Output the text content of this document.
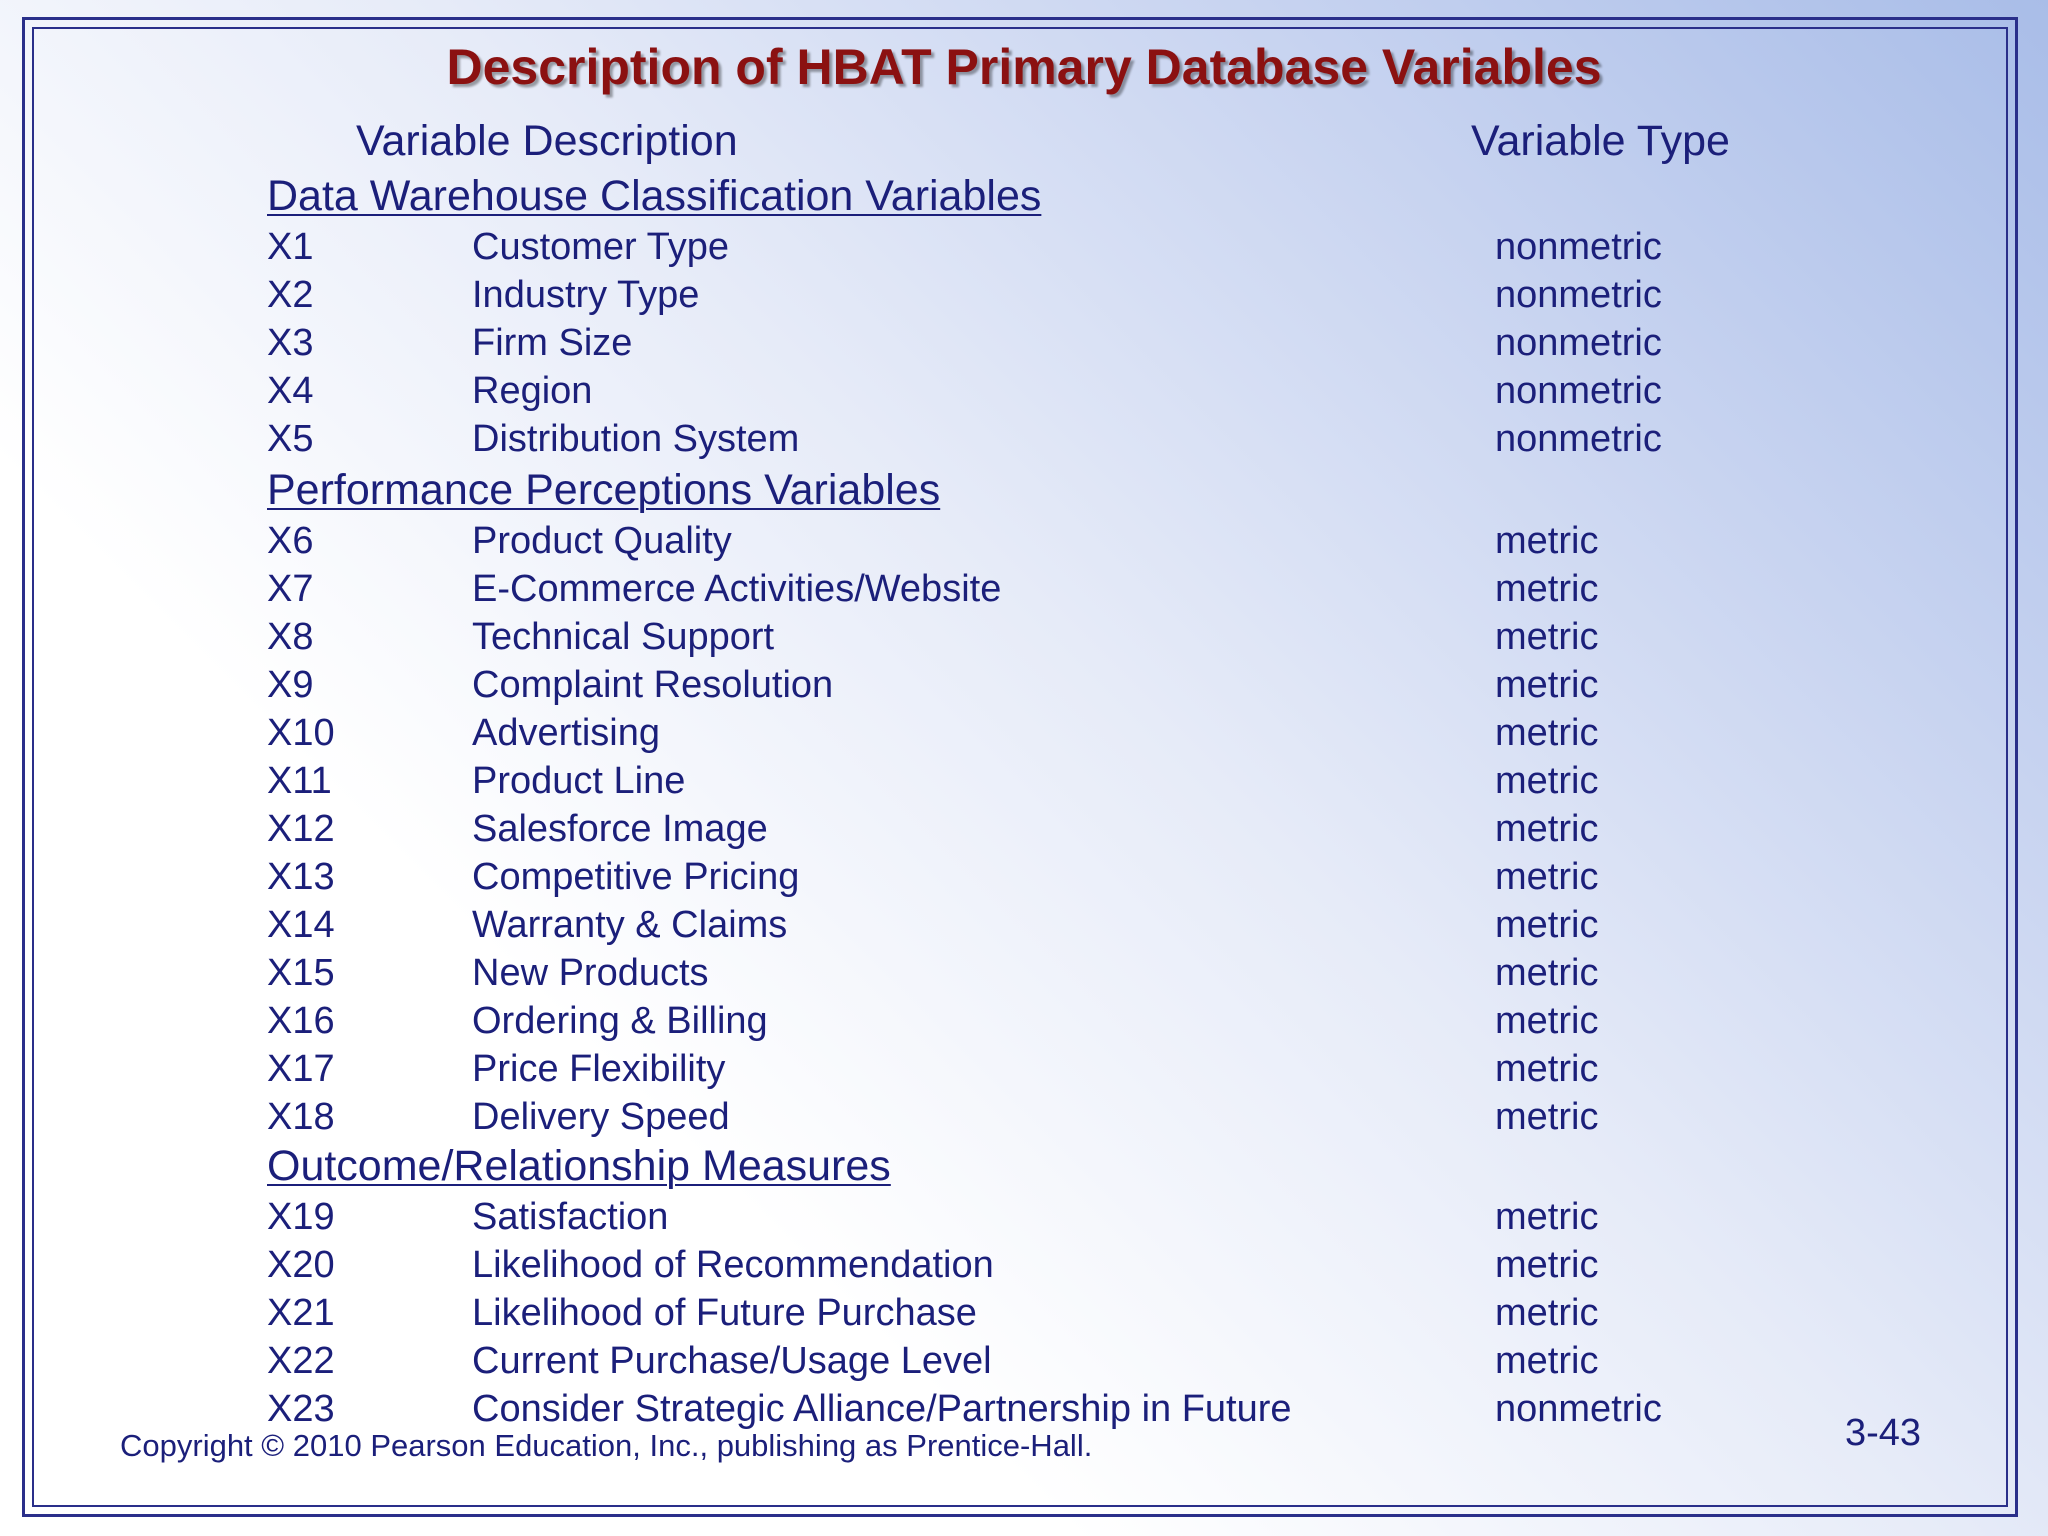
Description of HBAT Primary Database Variables
Variable Description	Variable Type
Data Warehouse Classification Variables
X1	Customer Type	nonmetric
X2	Industry Type	nonmetric
X3	Firm Size	nonmetric
X4	Region	nonmetric
X5	Distribution System	nonmetric
Performance Perceptions Variables
X6	Product Quality	metric
X7	E-Commerce Activities/Website	metric
X8	Technical Support	metric
X9	Complaint Resolution	metric
X10	Advertising	metric
X11	Product Line	metric
X12	Salesforce Image	metric
X13	Competitive Pricing	metric
X14	Warranty & Claims	metric
X15	New Products	metric
X16	Ordering & Billing	metric
X17	Price Flexibility	metric
X18	Delivery Speed	metric
Outcome/Relationship Measures
X19	Satisfaction	metric
X20	Likelihood of Recommendation	metric
X21	Likelihood of Future Purchase	metric
X22	Current Purchase/Usage Level	metric
X23	Consider Strategic Alliance/Partnership in Future	nonmetric
Copyright © 2010 Pearson Education, Inc., publishing as Prentice-Hall.	3-43
